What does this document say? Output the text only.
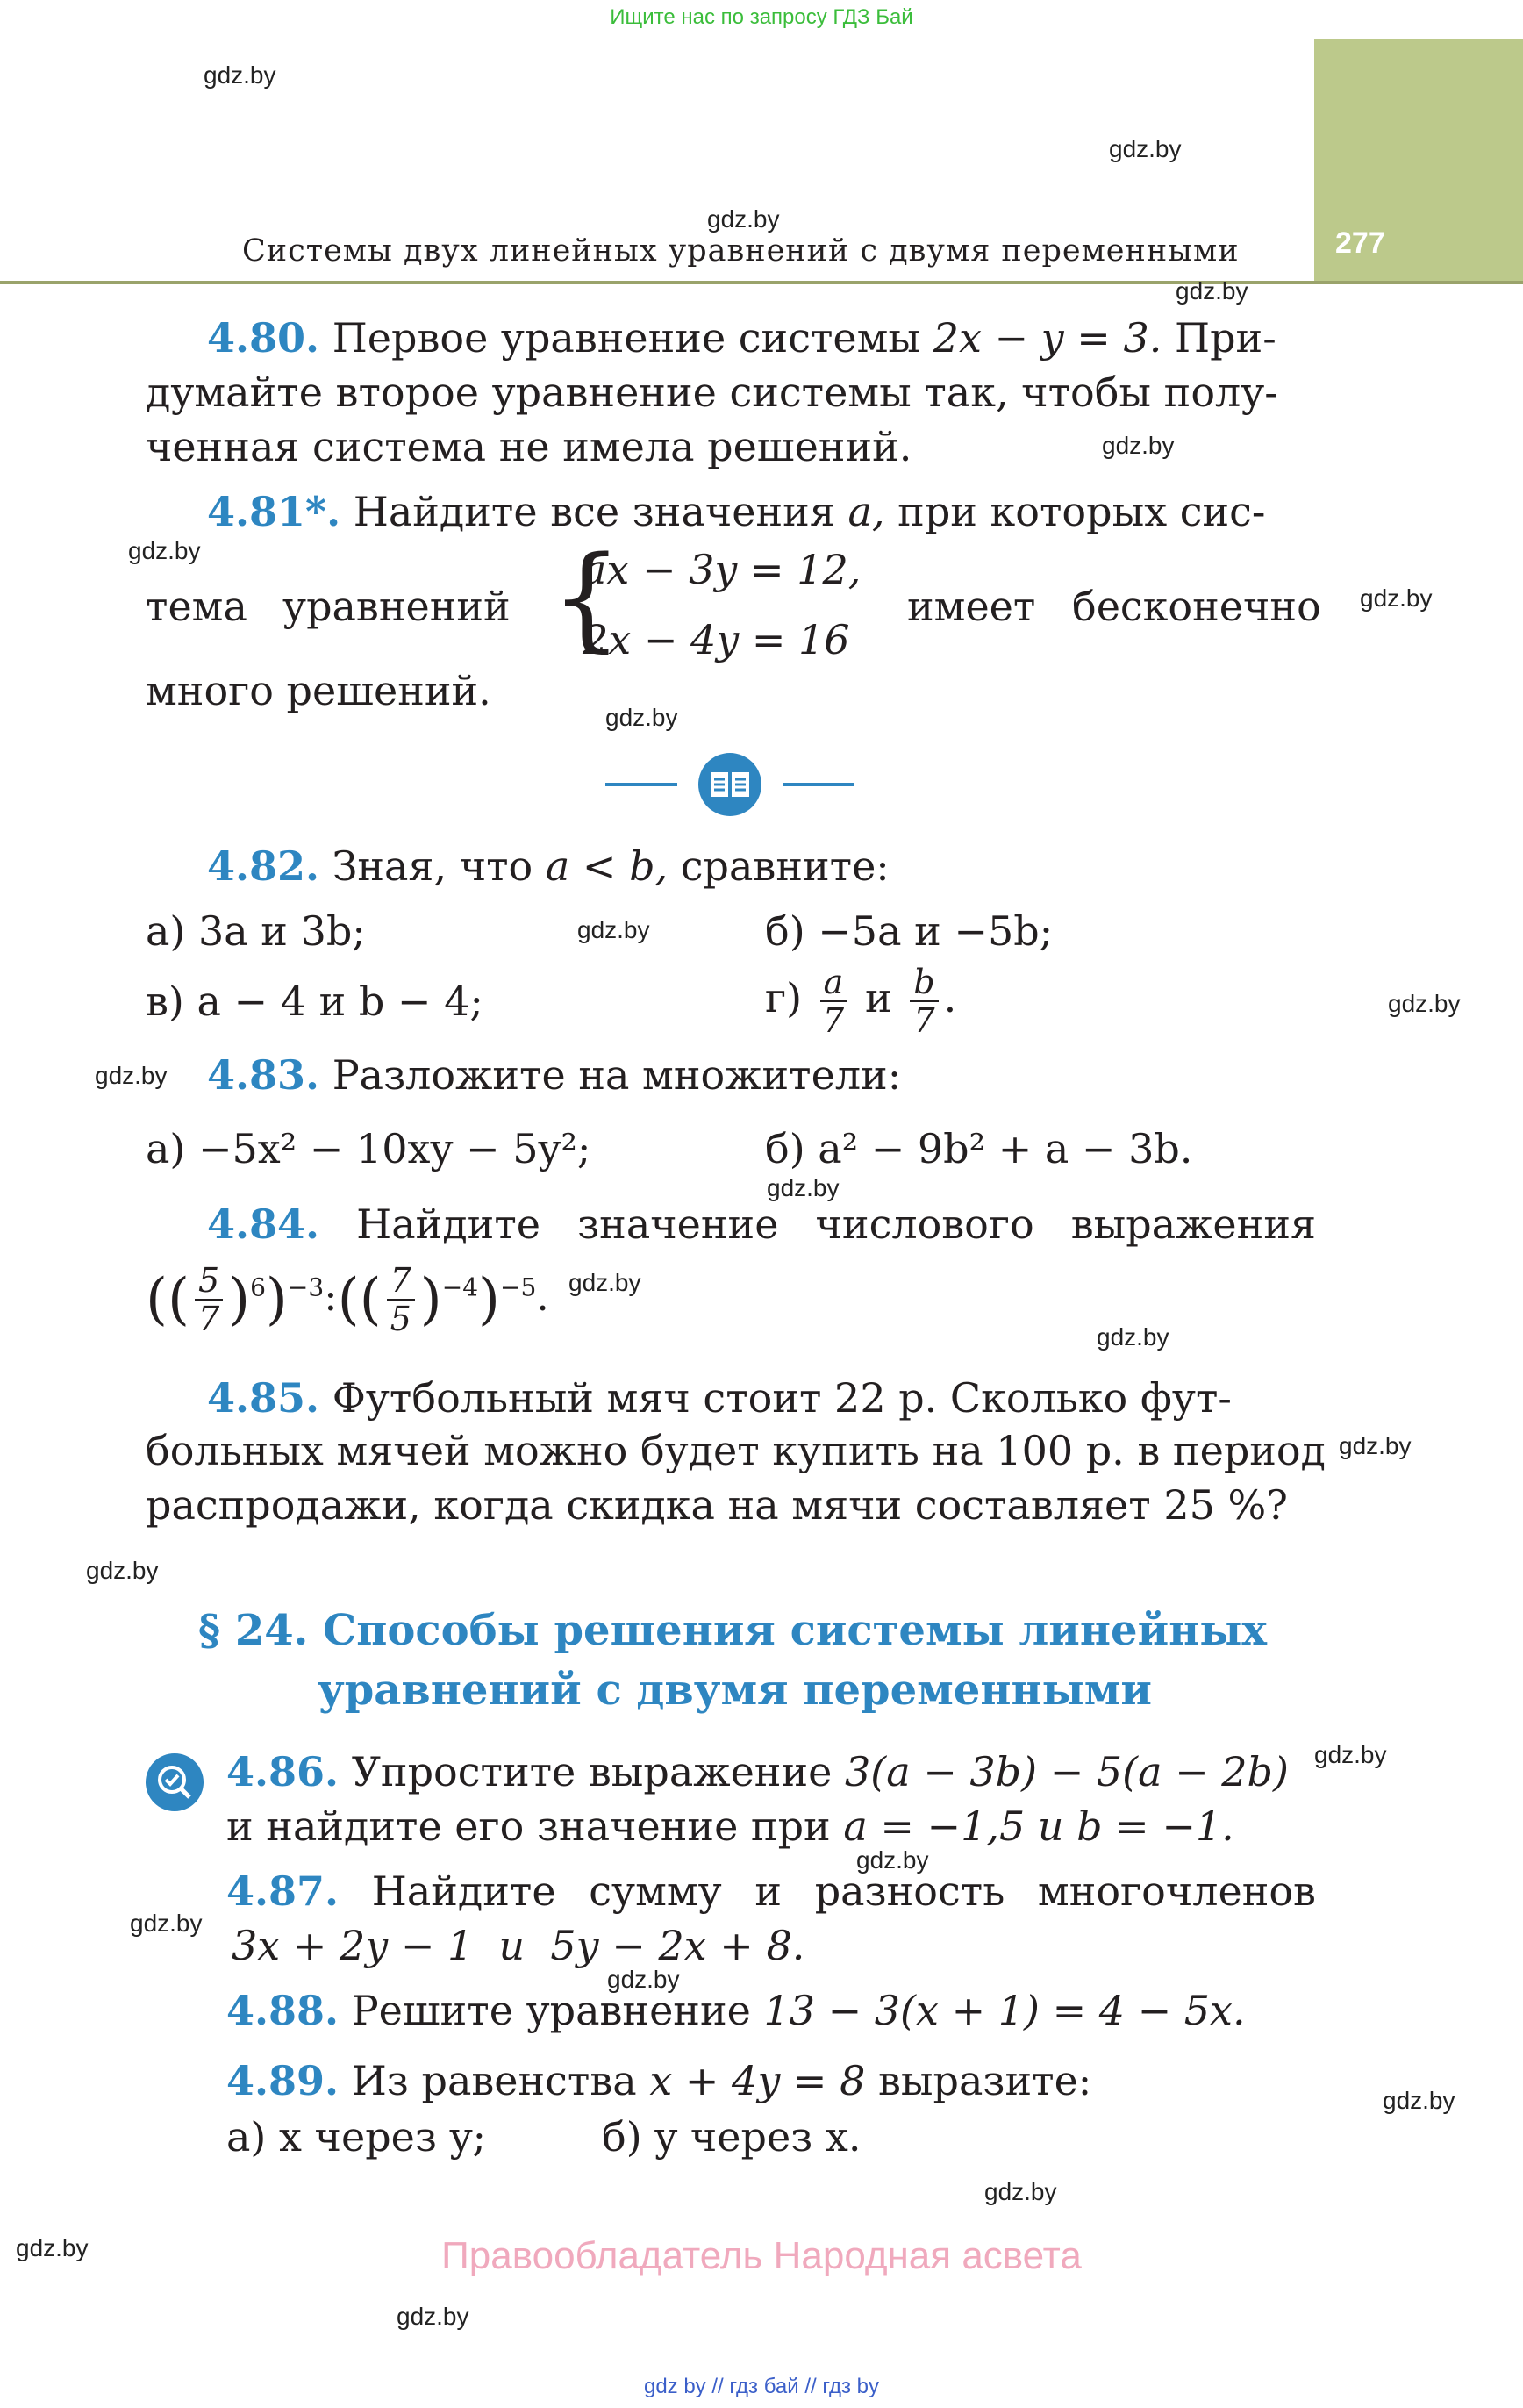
Ищите нас по запросу ГДЗ Бай
277
Системы двух линейных уравнений с двумя переменными
gdz.by
gdz.by
gdz.by
gdz.by
gdz.by
gdz.by
gdz.by
gdz.by
gdz.by
gdz.by
gdz.by
gdz.by
gdz.by
gdz.by
gdz.by
gdz.by
gdz.by
gdz.by
gdz.by
gdz.by
gdz.by
gdz.by
gdz.by
gdz.by
4.80. Первое уравнение системы 2x − y = 3. При-
думайте второе уравнение системы так, чтобы полу-
ченная система не имела решений.
4.81*. Найдите все значения a, при которых сис-
тема уравнений {
ax − 3y = 12,
2x − 4y = 16
имеет бесконечно
много решений.
4.82. Зная, что a < b, сравните:
а) 3a и 3b;	б) −5a и −5b;
в) a − 4 и b − 4;	$г) \frac{a}{7}$ и $\frac{b}{7}$ .
4.83. Разложите на множители:
а) −5x² − 10xy − 5y²;	б) a² − 9b² + a − 3b.
4.84. Найдите значение числового выражения
(( $\frac{5}{7}$ )$^6$)$^{-3}$:(( $\frac{7}{5} )^{-4})^{-5}$.
4.85. Футбольный мяч стоит 22 р. Сколько фут-
больных мячей можно будет купить на 100 р. в период
распродажи, когда скидка на мячи составляет 25 %?
§ 24. Способы решения системы линейных
уравнений с двумя переменными
4.86. Упростите выражение 3(a − 3b) − 5(a − 2b)
и найдите его значение при a = −1,5 и b = −1.
4.87. Найдите сумму и разность многочленов
3x + 2y − 1  и  5y − 2x + 8.
4.88. Решите уравнение 13 − 3(x + 1) = 4 − 5x.
4.89. Из равенства x + 4y = 8 выразите:
а) x через y;	б) y через x.
Правообладатель Народная асвета
gdz by // гдз бай // гдз by
